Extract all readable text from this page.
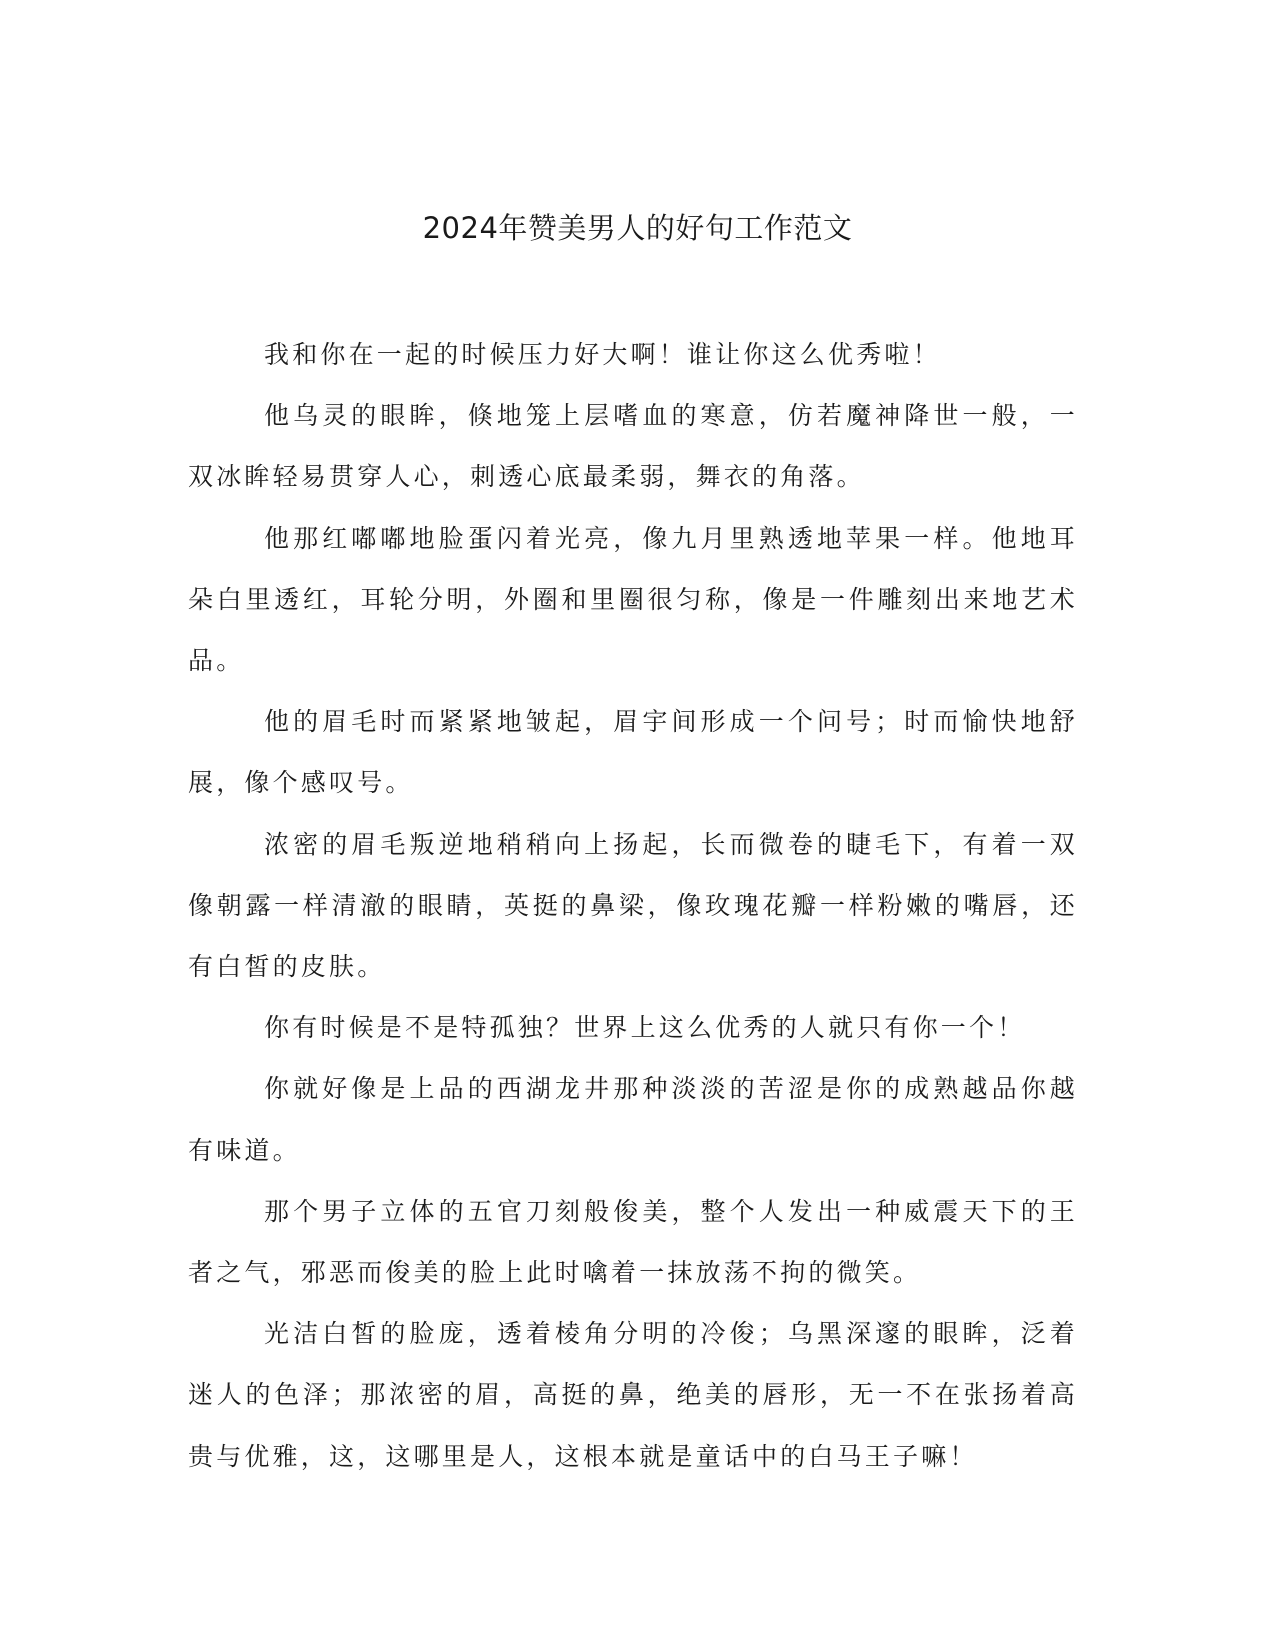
2024年赞美男人的好句工作范文

我和你在一起的时候压力好大啊！谁让你这么优秀啦！

他乌灵的眼眸，倏地笼上层嗜血的寒意，仿若魔神降世一般，一双冰眸轻易贯穿人心，刺透心底最柔弱，舞衣的角落。

他那红嘟嘟地脸蛋闪着光亮，像九月里熟透地苹果一样。他地耳朵白里透红，耳轮分明，外圈和里圈很匀称，像是一件雕刻出来地艺术品。

他的眉毛时而紧紧地皱起，眉宇间形成一个问号；时而愉快地舒展，像个感叹号。

浓密的眉毛叛逆地稍稍向上扬起，长而微卷的睫毛下，有着一双像朝露一样清澈的眼睛，英挺的鼻梁，像玫瑰花瓣一样粉嫩的嘴唇，还有白皙的皮肤。

你有时候是不是特孤独？世界上这么优秀的人就只有你一个！

你就好像是上品的西湖龙井那种淡淡的苦涩是你的成熟越品你越有味道。

那个男子立体的五官刀刻般俊美，整个人发出一种威震天下的王者之气，邪恶而俊美的脸上此时噙着一抹放荡不拘的微笑。

光洁白皙的脸庞，透着棱角分明的冷俊；乌黑深邃的眼眸，泛着迷人的色泽；那浓密的眉，高挺的鼻，绝美的唇形，无一不在张扬着高贵与优雅，这，这哪里是人，这根本就是童话中的白马王子嘛！
